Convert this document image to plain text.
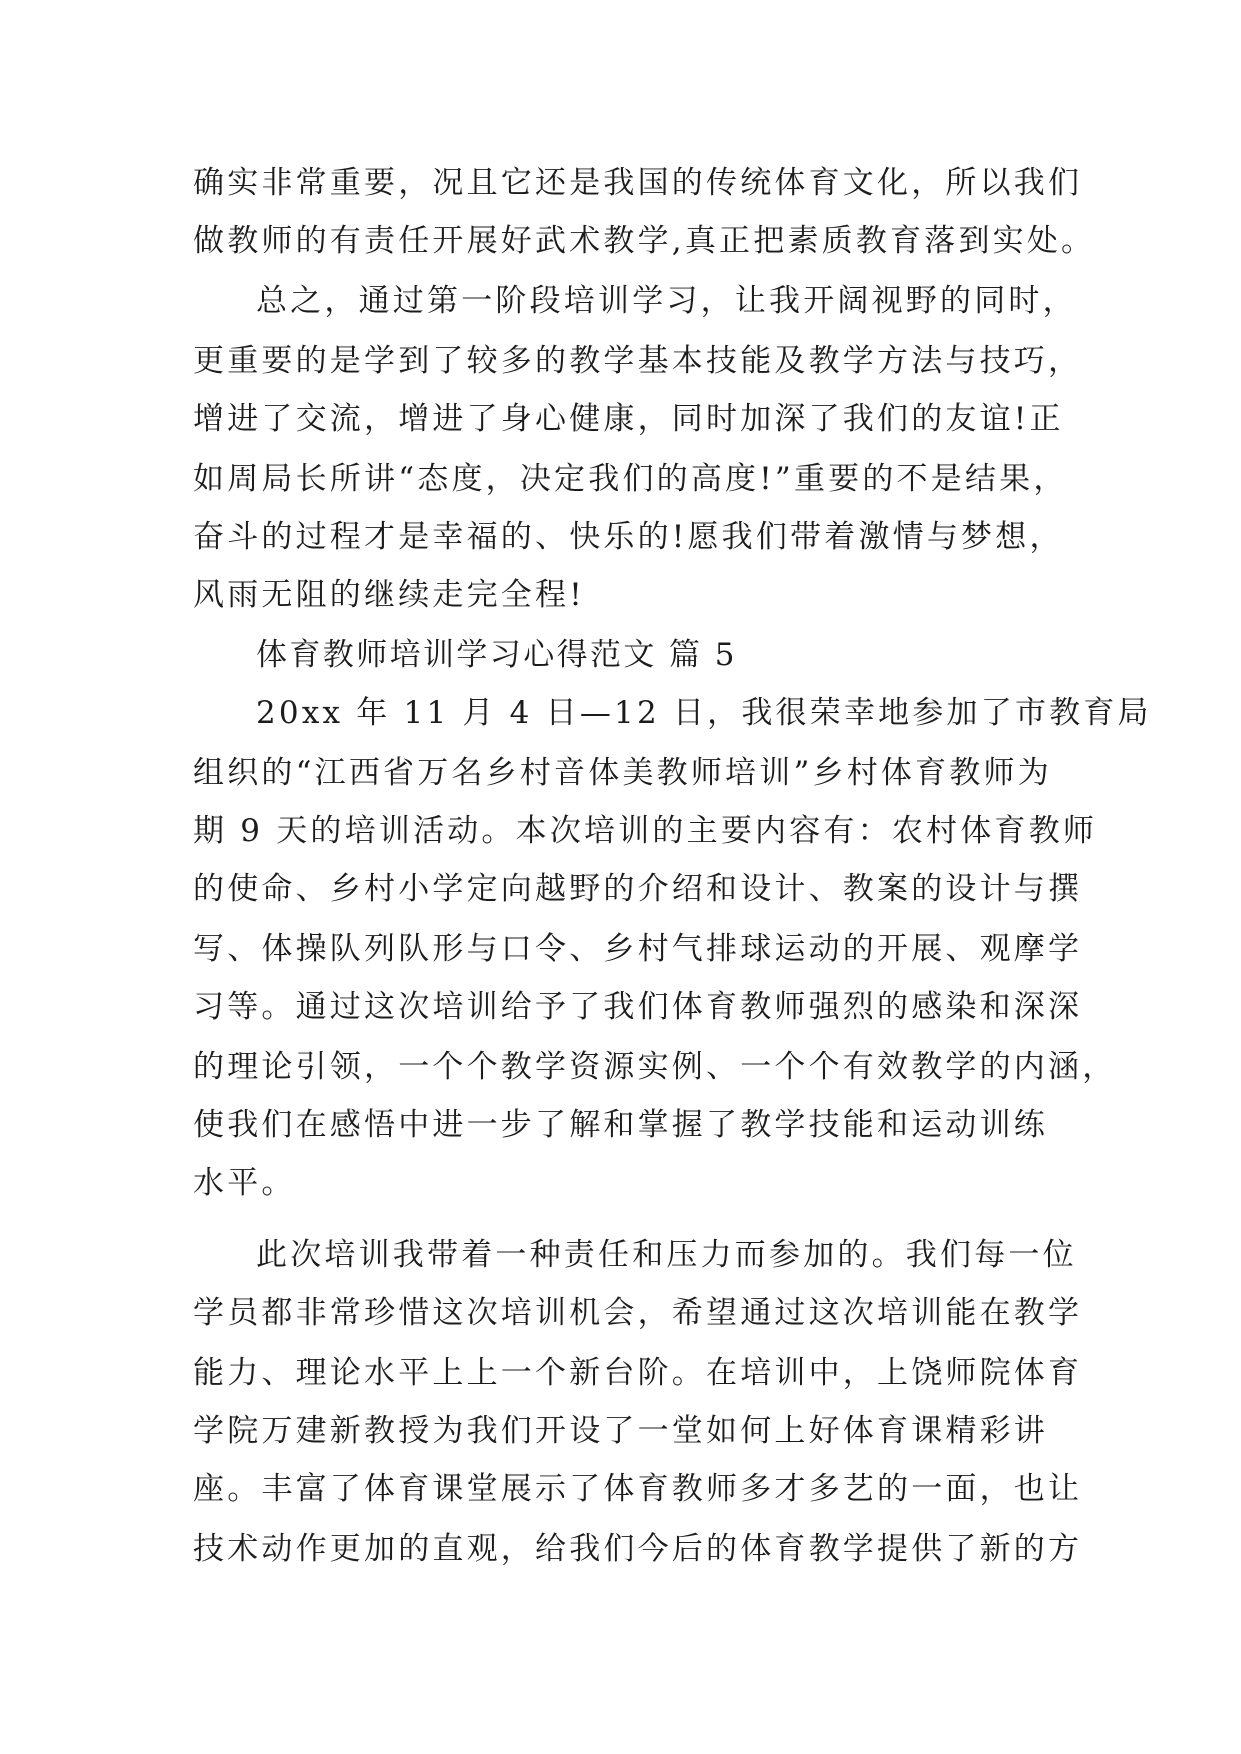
确实非常重要，况且它还是我国的传统体育文化，所以我们
做教师的有责任开展好武术教学,真正把素质教育落到实处。
总之，通过第一阶段培训学习，让我开阔视野的同时，
更重要的是学到了较多的教学基本技能及教学方法与技巧，
增进了交流，增进了身心健康，同时加深了我们的友谊!正
如周局长所讲“态度，决定我们的高度!”重要的不是结果，
奋斗的过程才是幸福的、快乐的!愿我们带着激情与梦想，
风雨无阻的继续走完全程!
体育教师培训学习心得范文 篇 5
20xx 年 11 月 4 日—12 日，我很荣幸地参加了市教育局
组织的“江西省万名乡村音体美教师培训”乡村体育教师为
期 9 天的培训活动。本次培训的主要内容有：农村体育教师
的使命、乡村小学定向越野的介绍和设计、教案的设计与撰
写、体操队列队形与口令、乡村气排球运动的开展、观摩学
习等。通过这次培训给予了我们体育教师强烈的感染和深深
的理论引领，一个个教学资源实例、一个个有效教学的内涵，
使我们在感悟中进一步了解和掌握了教学技能和运动训练
水平。
此次培训我带着一种责任和压力而参加的。我们每一位
学员都非常珍惜这次培训机会，希望通过这次培训能在教学
能力、理论水平上上一个新台阶。在培训中，上饶师院体育
学院万建新教授为我们开设了一堂如何上好体育课精彩讲
座。丰富了体育课堂展示了体育教师多才多艺的一面，也让
技术动作更加的直观，给我们今后的体育教学提供了新的方
